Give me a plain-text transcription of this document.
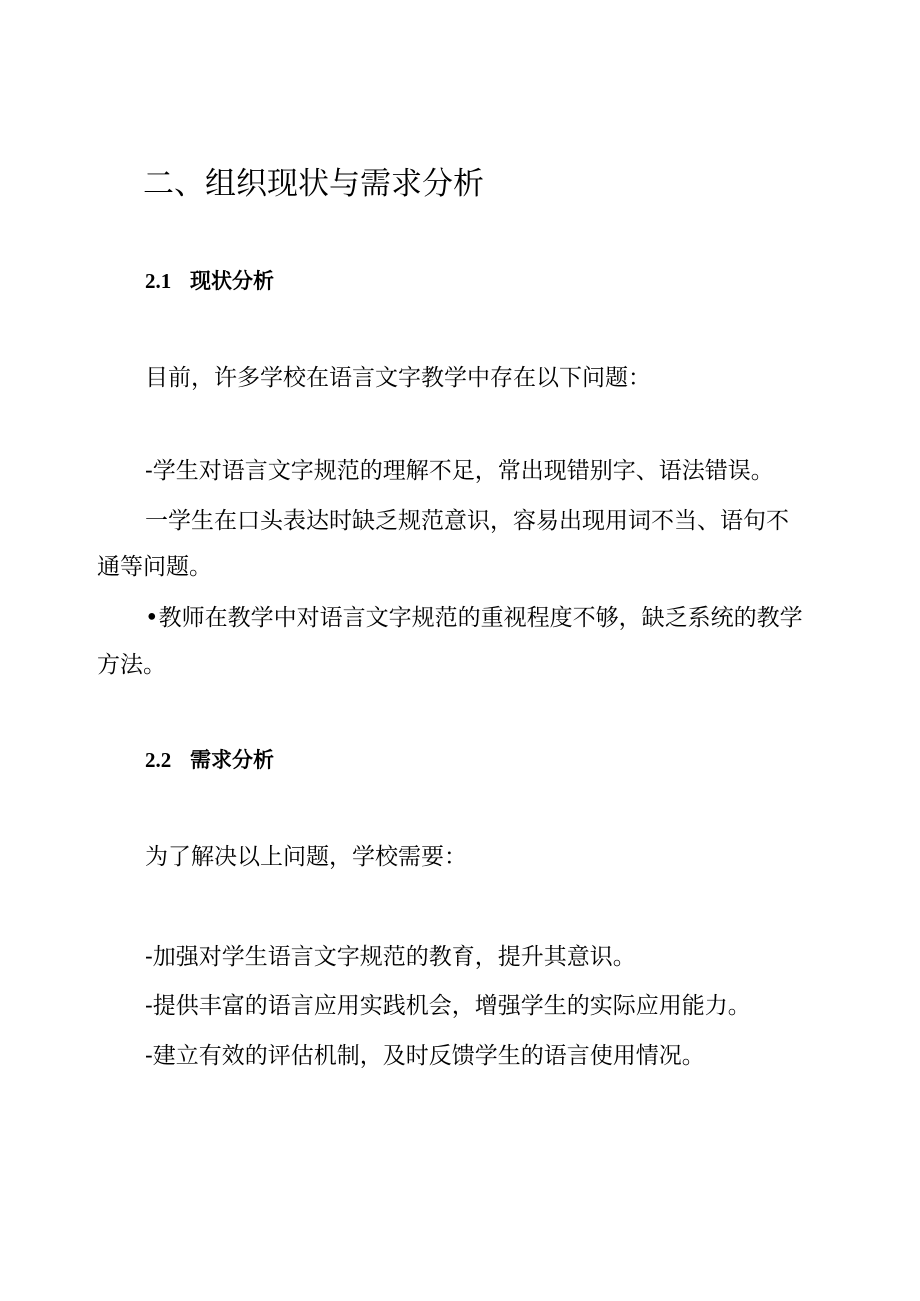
二、组织现状与需求分析
2.1 现状分析

目前，许多学校在语言文字教学中存在以下问题：

-学生对语言文字规范的理解不足，常出现错别字、语法错误。

一学生在口头表达时缺乏规范意识，容易出现用词不当、语句不

通等问题。

•教师在教学中对语言文字规范的重视程度不够，缺乏系统的教学

方法。

2.2 需求分析

为了解决以上问题，学校需要：

-加强对学生语言文字规范的教育，提升其意识。

-提供丰富的语言应用实践机会，增强学生的实际应用能力。

-建立有效的评估机制，及时反馈学生的语言使用情况。
